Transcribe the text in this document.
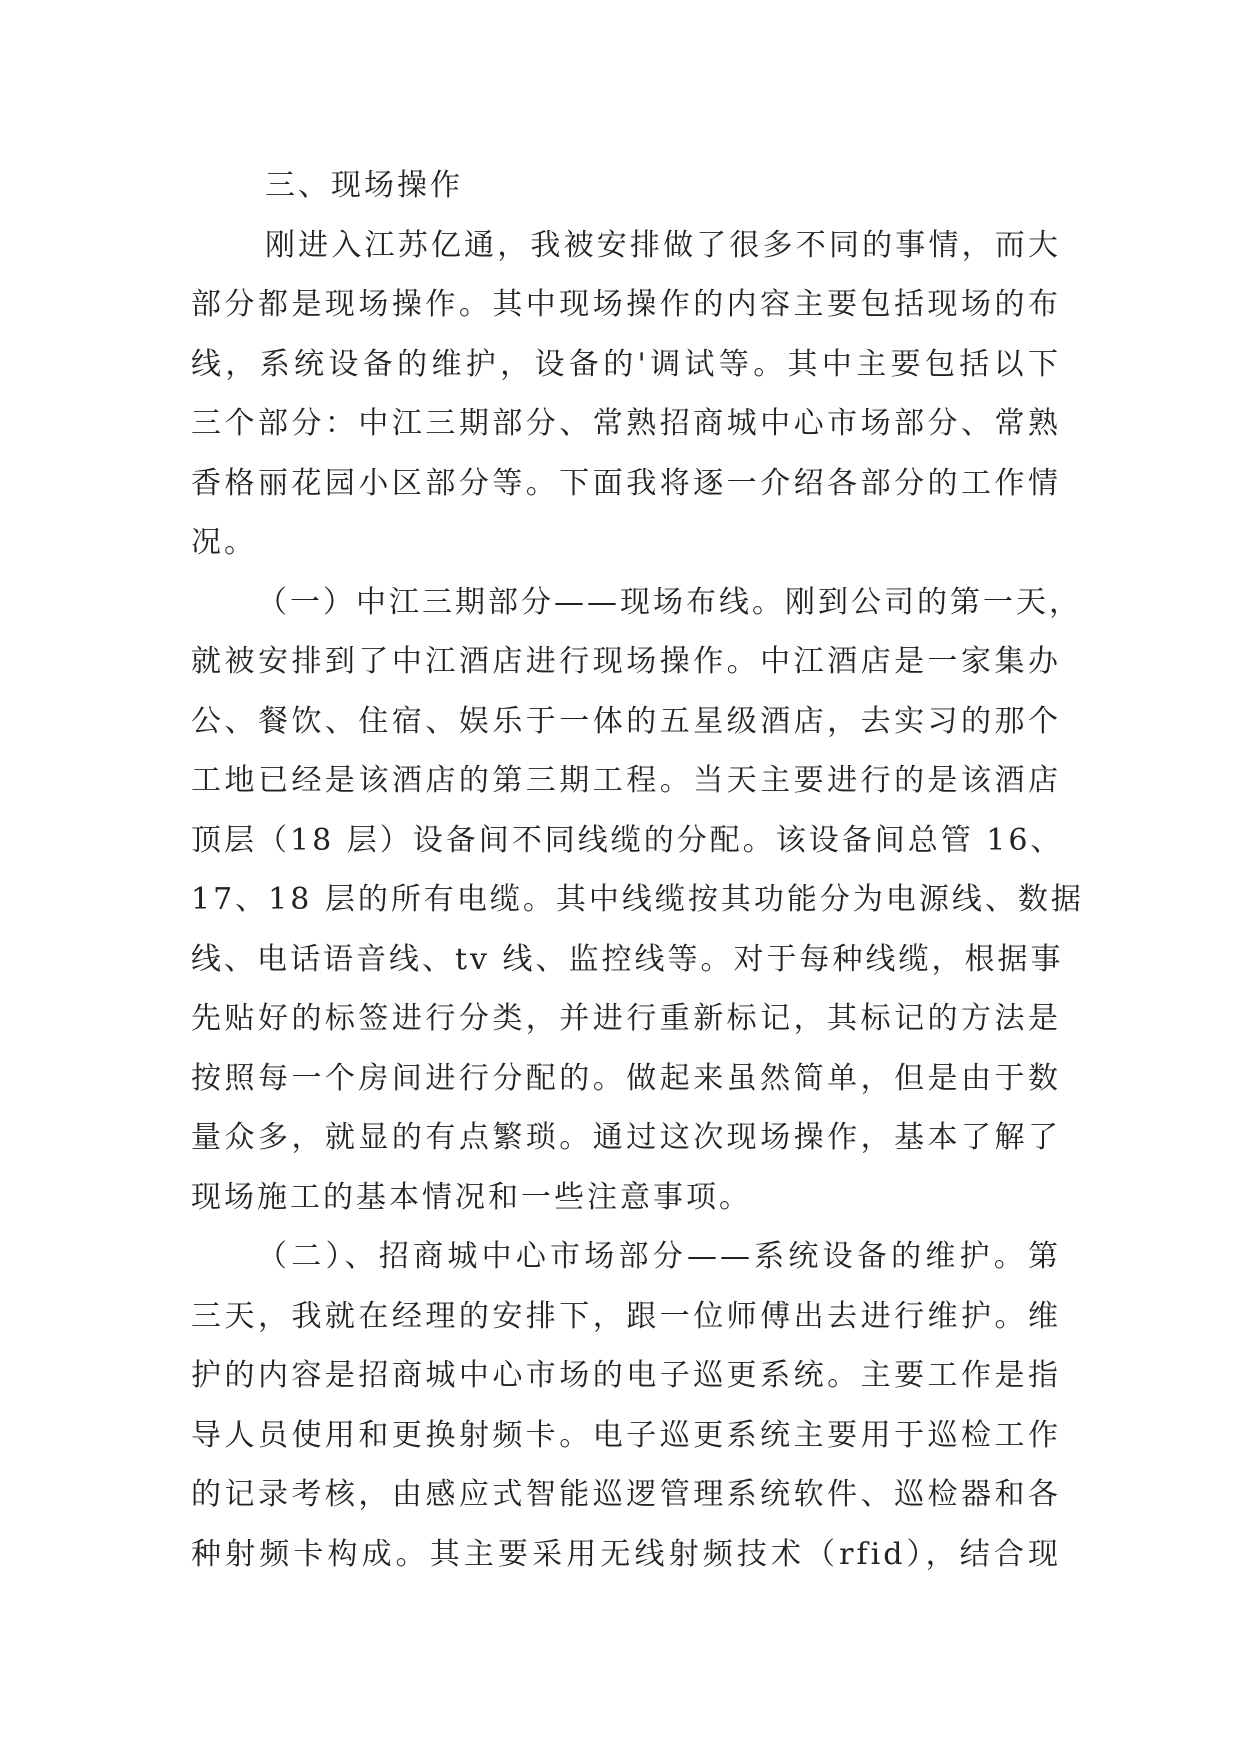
三、现场操作
刚进入江苏亿通，我被安排做了很多不同的事情，而大
部分都是现场操作。其中现场操作的内容主要包括现场的布
线，系统设备的维护，设备的'调试等。其中主要包括以下
三个部分：中江三期部分、常熟招商城中心市场部分、常熟
香格丽花园小区部分等。下面我将逐一介绍各部分的工作情
况。
（一）中江三期部分——现场布线。刚到公司的第一天，
就被安排到了中江酒店进行现场操作。中江酒店是一家集办
公、餐饮、住宿、娱乐于一体的五星级酒店，去实习的那个
工地已经是该酒店的第三期工程。当天主要进行的是该酒店
顶层（18 层）设备间不同线缆的分配。该设备间总管 16、
17、18 层的所有电缆。其中线缆按其功能分为电源线、数据
线、电话语音线、tv 线、监控线等。对于每种线缆，根据事
先贴好的标签进行分类，并进行重新标记，其标记的方法是
按照每一个房间进行分配的。做起来虽然简单，但是由于数
量众多，就显的有点繁琐。通过这次现场操作，基本了解了
现场施工的基本情况和一些注意事项。
（二）、招商城中心市场部分——系统设备的维护。第
三天，我就在经理的安排下，跟一位师傅出去进行维护。维
护的内容是招商城中心市场的电子巡更系统。主要工作是指
导人员使用和更换射频卡。电子巡更系统主要用于巡检工作
的记录考核，由感应式智能巡逻管理系统软件、巡检器和各
种射频卡构成。其主要采用无线射频技术（rfid），结合现
